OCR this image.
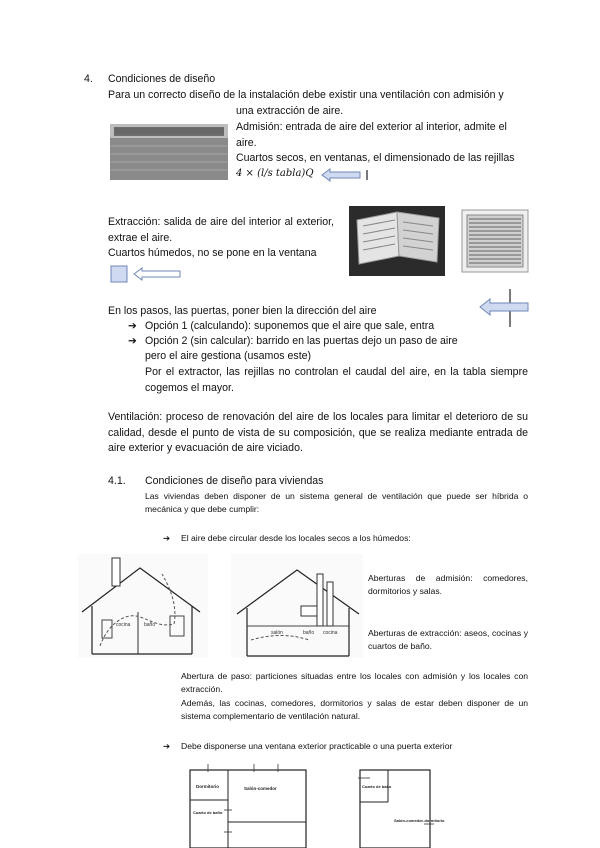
4. Condiciones de diseño
Para un correcto diseño de la instalación debe existir una ventilación con admisión y
una extracción de aire.
Admisión: entrada de aire del exterior al interior, admite el aire.
Cuartos secos, en ventanas, el dimensionado de las rejillas
4 × (l/s tabla)Q
Extracción: salida de aire del interior al exterior, extrae el aire.
Cuartos húmedos, no se pone en la ventana
En los pasos, las puertas, poner bien la dirección del aire
➔ Opción 1 (calculando): suponemos que el aire que sale, entra
➔ Opción 2 (sin calcular): barrido en las puertas dejo un paso de aire
pero el aire gestiona (usamos este)
Por el extractor, las rejillas no controlan el caudal del aire, en la tabla siempre cogemos el mayor.
Ventilación: proceso de renovación del aire de los locales para limitar el deterioro de su calidad, desde el punto de vista de su composición, que se realiza mediante entrada de aire exterior y evacuación de aire viciado.
4.1. Condiciones de diseño para viviendas
Las viviendas deben disponer de un sistema general de ventilación que puede ser híbrida o mecánica y que debe cumplir:
➔ El aire debe circular desde los locales secos a los húmedos:
cocina	baño
salón	baño cocina
Aberturas de admisión: comedores, dormitorios y salas.
Aberturas de extracción: aseos, cocinas y cuartos de baño.
Abertura de paso: particiones situadas entre los locales con admisión y los locales con extracción.
Además, las cocinas, comedores, dormitorios y salas de estar deben disponer de un sistema complementario de ventilación natural.
➔ Debe disponerse una ventana exterior practicable o una puerta exterior
Dormitorio	Salón-comedor
Cuarto de baño
Cuarto de baño
Salón-comedor-dormitorio
